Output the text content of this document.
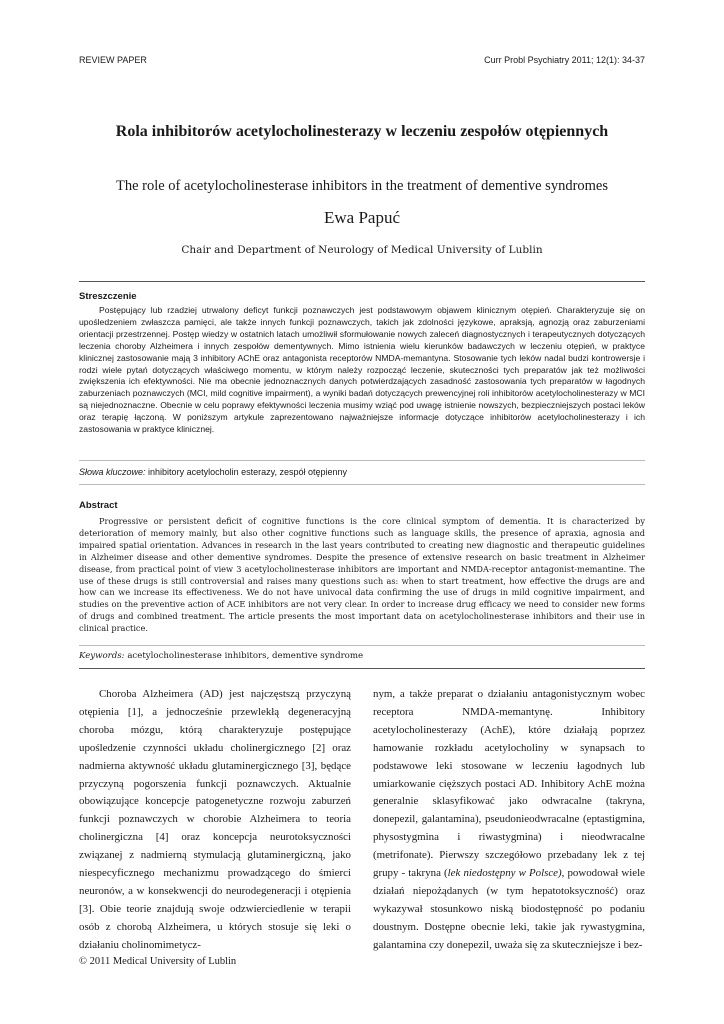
REVIEW PAPER	Curr Probl Psychiatry 2011; 12(1): 34-37
Rola inhibitorów acetylocholinesterazy w leczeniu zespołów otępiennych
The role of acetylocholinesterase inhibitors in the treatment of dementive syndromes
Ewa Papuć
Chair and Department of Neurology of Medical University of Lublin
Streszczenie

Postępujący lub rzadziej utrwalony deficyt funkcji poznawczych jest podstawowym objawem klinicznym otępień. Charakteryzuje się on upośledzeniem zwłaszcza pamięci, ale także innych funkcji poznawczych, takich jak zdolności językowe, apraksją, agnozją oraz zaburzeniami orientacji przestrzennej. Postęp wiedzy w ostatnich latach umożliwił sformułowanie nowych zaleceń diagnostycznych i terapeutycznych dotyczących leczenia choroby Alzheimera i innych zespołów dementywnych. Mimo istnienia wielu kierunków badawczych w leczeniu otępień, w praktyce klinicznej zastosowanie mają 3 inhibitory AChE oraz antagonista receptorów NMDA-memantyna. Stosowanie tych leków nadal budzi kontrowersje i rodzi wiele pytań dotyczących właściwego momentu, w którym należy rozpocząć leczenie, skuteczności tych preparatów jak też możliwości zwiększenia ich efektywności. Nie ma obecnie jednoznacznych danych potwierdzających zasadność zastosowania tych preparatów w łagodnych zaburzeniach poznawczych (MCI, mild cognitive impairment), a wyniki badań dotyczących prewencyjnej roli inhibitorów acetylocholinesterazy w MCI są niejednoznaczne. Obecnie w celu poprawy efektywności leczenia musimy wziąć pod uwagę istnienie nowszych, bezpieczniejszych postaci leków oraz terapię łączoną. W poniższym artykule zaprezentowano najważniejsze informacje dotyczące inhibitorów acetylocholinesterazy i ich zastosowania w praktyce klinicznej.

Słowa kluczowe: inhibitory acetylocholin esterazy, zespół otępienny
Abstract

Progressive or persistent deficit of cognitive functions is the core clinical symptom of dementia. It is characterized by deterioration of memory mainly, but also other cognitive functions such as language skills, the presence of apraxia, agnosia and impaired spatial orientation. Advances in research in the last years contributed to creating new diagnostic and therapeutic guidelines in Alzheimer disease and other dementive syndromes. Despite the presence of extensive research on basic treatment in Alzheimer disease, from practical point of view 3 acetylocholinesterase inhibitors are important and NMDA-receptor antagonist-memantine. The use of these drugs is still controversial and raises many questions such as: when to start treatment, how effective the drugs are and how can we increase its effectiveness. We do not have univocal data confirming the use of drugs in mild cognitive impairment, and studies on the preventive action of ACE inhibitors are not very clear. In order to increase drug efficacy we need to consider new forms of drugs and combined treatment. The article presents the most important data on acetylocholinesterase inhibitors and their use in clinical practice.

Keywords: acetylocholinesterase inhibitors, dementive syndrome

Choroba Alzheimera (AD) jest najczęstszą przyczyną otępienia [1], a jednocześnie przewlekłą degeneracyjną choroba mózgu, którą charakteryzuje postępujące upośledzenie czynności układu cholinergicznego [2] oraz nadmierna aktywność układu glutaminergicznego [3], będące przyczyną pogorszenia funkcji poznawczych. Aktualnie obowiązujące koncepcje patogenetyczne rozwoju zaburzeń funkcji poznawczych w chorobie Alzheimera to teoria cholinergiczna [4] oraz koncepcja neurotoksyczności związanej z nadmierną stymulacją glutaminergiczną, jako niespecyficznego mechanizmu prowadzącego do śmierci neuronów, a w konsekwencji do neurodegeneracji i otępienia [3]. Obie teorie znajdują swoje odzwierciedlenie w terapii osób z chorobą Alzheimera, u których stosuje się leki o działaniu cholinomimetycz-

nym, a także preparat o działaniu antagonistycznym wobec receptora NMDA-memantynę. Inhibitory acetylocholinesterazy (AchE), które działają poprzez hamowanie rozkładu acetylocholiny w synapsach to podstawowe leki stosowane w leczeniu łagodnych lub umiarkowanie cięższych postaci AD. Inhibitory AchE można generalnie sklasyfikować jako odwracalne (takryna, donepezil, galantamina), pseudonieodwracalne (eptastigmina, physostygmina i riwastygmina) i nieodwracalne (metrifonate). Pierwszy szczegółowo przebadany lek z tej grupy - takryna (lek niedostępny w Polsce), powodował wiele działań niepożądanych (w tym hepatotoksyczność) oraz wykazywał stosunkowo niską biodostępność po podaniu doustnym. Dostępne obecnie leki, takie jak rywastygmina, galantamina czy donepezil, uważa się za skuteczniejsze i bez-

© 2011 Medical University of Lublin
